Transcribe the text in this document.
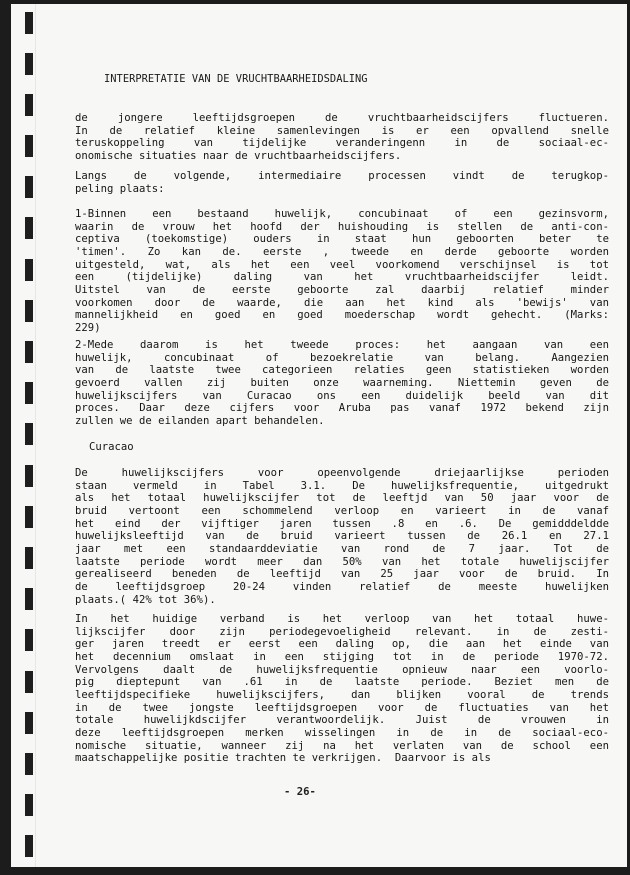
INTERPRETATIE VAN DE VRUCHTBAARHEIDSDALING
Curacao
de jongere leeftijdsgroepen de vruchtbaarheidscijfers fluctueren.
In de relatief kleine samenlevingen is er een opvallend snelle
teruskoppeling van tijdelijke veranderingenn in de sociaal-ec-
onomische situaties naar de vruchtbaarheidscijfers.
Langs de volgende, intermediaire processen vindt de terugkop-
peling plaats:
1-Binnen een bestaand huwelijk, concubinaat of een gezinsvorm,
waarin de vrouw het hoofd der huishouding is stellen de anti-con-
ceptiva (toekomstige) ouders in staat hun geboorten beter te
'timen'. Zo kan de. eerste , tweede en derde geboorte worden
uitgesteld, wat, als het een veel voorkomend verschijnsel is tot
een (tijdelijke) daling van het vruchtbaarheidscijfer leidt.
Uitstel van de eerste geboorte zal daarbij relatief minder
voorkomen door de waarde, die aan het kind als 'bewijs' van
mannelijkheid en goed en goed moederschap wordt gehecht. (Marks:
229)
2-Mede daarom is het tweede proces: het aangaan van een
huwelijk, concubinaat of bezoekrelatie van belang. Aangezien
van de laatste twee categorieen relaties geen statistieken worden
gevoerd vallen zij buiten onze waarneming. Niettemin geven de
huwelijkscijfers van Curacao ons een duidelijk beeld van dit
proces. Daar deze cijfers voor Aruba pas vanaf 1972 bekend zijn
zullen we de eilanden apart behandelen.
De huwelijkscijfers voor opeenvolgende driejaarlijkse perioden
staan vermeld in Tabel 3.1. De huwelijksfrequentie, uitgedrukt
als het totaal huwelijkscijfer tot de leeftjd van 50 jaar voor de
bruid vertoont een schommelend verloop en varieert in de vanaf
het eind der vijftiger jaren tussen .8 en .6. De gemidddeldde
huwelijksleeftijd van de bruid varieert tussen de 26.1 en 27.1
jaar met een standaarddeviatie van rond de 7 jaar. Tot de
laatste periode wordt meer dan 50% van het totale huwelijscijfer
gerealiseerd beneden de leeftijd van 25 jaar voor de bruid. In
de leeftijdsgroep 20-24 vinden relatief de meeste huwelijken
plaats.( 42% tot 36%).
In het huidige verband is het verloop van het totaal huwe-
lijkscijfer door zijn periodegevoeligheid relevant. in de zesti-
ger jaren treedt er eerst een daling op, die aan het einde van
het decennium omslaat in een stijging tot in de periode 1970-72.
Vervolgens daalt de huwelijksfrequentie opnieuw naar een voorlo-
pig dieptepunt van .61 in de laatste periode. Beziet men de
leeftijdspecifieke huwelijkscijfers, dan blijken vooral de trends
in de twee jongste leeftijdsgroepen voor de fluctuaties van het
totale huwelijkdscijfer verantwoordelijk. Juist de vrouwen in
deze leeftijdsgroepen merken wisselingen in de in de sociaal-eco-
nomische situatie, wanneer zij na het verlaten van de school een
maatschappelijke positie trachten te verkrijgen.  Daarvoor is als
- 26-
